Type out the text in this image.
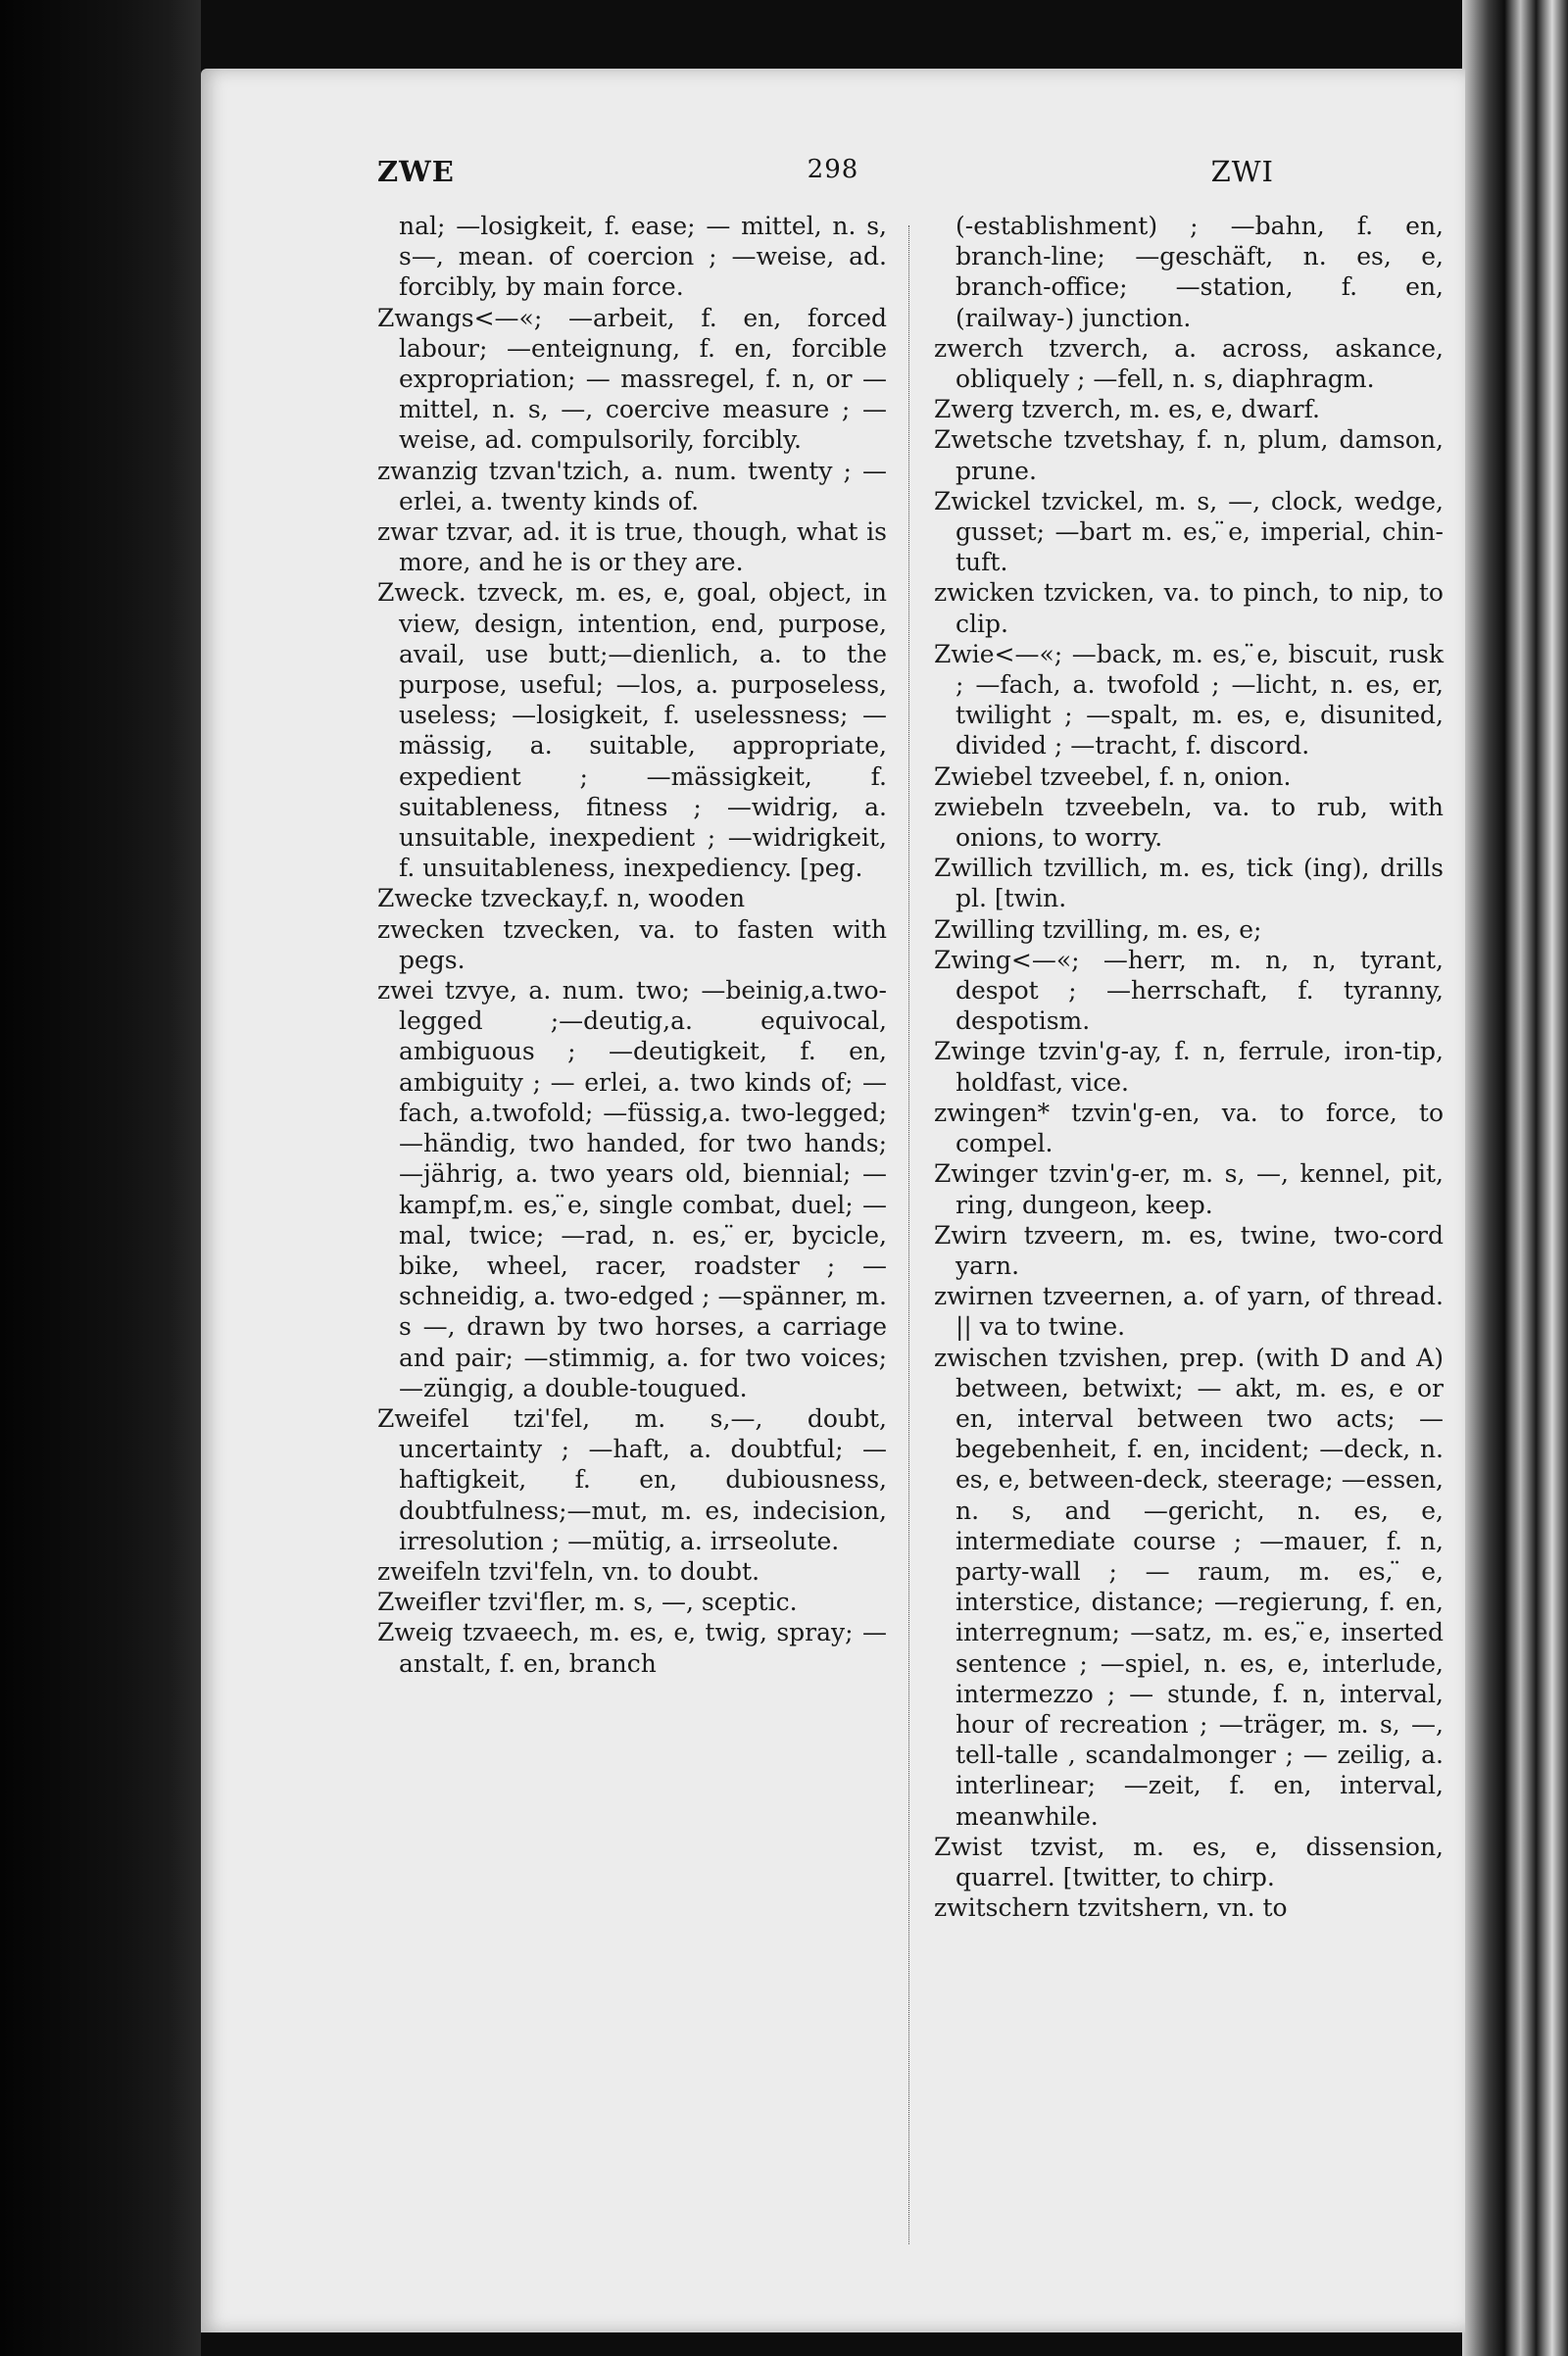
ZWE	298	ZWI

nal; —losigkeit, f. ease; — mittel, n. s, s—, mean. of coercion ; —weise, ad. forcibly, by main force.

Zwangs<—«; —arbeit, f. en, forced labour; —enteignung, f. en, forcible expropriation; — massregel, f. n, or —mittel, n. s, —, coercive measure ; — weise, ad. compulsorily, forcibly.

zwanzig tzvan'tzich, a. num. twenty ; —erlei, a. twenty kinds of.

zwar tzvar, ad. it is true, though, what is more, and he is or they are.

Zweck. tzveck, m. es, e, goal, object, in view, design, intention, end, purpose, avail, use butt;—dienlich, a. to the purpose, useful; —los, a. purposeless, useless; —losigkeit, f. uselessness; —mässig, a. suitable, appropriate, expedient ; —mässigkeit, f. suitableness, fitness ; —widrig, a. unsuitable, inexpedient ; —widrigkeit, f. unsuitableness, inexpediency. [peg.

Zwecke tzveckay,f. n, wooden

zwecken tzvecken, va. to fasten with pegs.

zwei tzvye, a. num. two; —beinig,a.two-legged ;—deutig,a. equivocal, ambiguous ; —deutigkeit, f. en, ambiguity ; — erlei, a. two kinds of; —fach, a.twofold; —füssig,a. two-legged;—händig, two handed, for two hands; —jährig, a. two years old, biennial; —kampf,m. es, ̈e, single combat, duel; — mal, twice; —rad, n. es, ̈er, bycicle, bike, wheel, racer, roadster ; —schneidig, a. two-edged ; —spänner, m. s —, drawn by two horses, a carriage and pair; —stimmig, a. for two voices;—züngig, a double-tougued.

Zweifel tzi'fel, m. s,—, doubt, uncertainty ; —haft, a. doubtful; —haftigkeit, f. en, dubiousness, doubtfulness;—mut, m. es, indecision, irresolution ; —mütig, a. irrseolute.

zweifeln tzvi'feln, vn. to doubt.

Zweifler tzvi'fler, m. s, —, sceptic.

Zweig tzvaeech, m. es, e, twig, spray; —anstalt, f. en, branch

(-establishment) ; —bahn, f. en, branch-line; —geschäft, n. es, e, branch-office; —station, f. en, (railway-) junction.

zwerch tzverch, a. across, askance, obliquely ; —fell, n. s, diaphragm.

Zwerg tzverch, m. es, e, dwarf.

Zwetsche tzvetshay, f. n, plum, damson, prune.

Zwickel tzvickel, m. s, —, clock, wedge, gusset; —bart m. es, ̈e, imperial, chin-tuft.

zwicken tzvicken, va. to pinch, to nip, to clip.

Zwie<—«; —back, m. es, ̈e, biscuit, rusk ; —fach, a. twofold ; —licht, n. es, er, twilight ; —spalt, m. es, e, disunited, divided ; —tracht, f. discord.

Zwiebel tzveebel, f. n, onion.

zwiebeln tzveebeln, va. to rub, with onions, to worry.

Zwillich tzvillich, m. es, tick (ing), drills pl. [twin.

Zwilling tzvilling, m. es, e;

Zwing<—«; —herr, m. n, n, tyrant, despot ; —herrschaft, f. tyranny, despotism.

Zwinge tzvin'g-ay, f. n, ferrule, iron-tip, holdfast, vice.

zwingen* tzvin'g-en, va. to force, to compel.

Zwinger tzvin'g-er, m. s, —, kennel, pit, ring, dungeon, keep.

Zwirn tzveern, m. es, twine, two-cord yarn.

zwirnen tzveernen, a. of yarn, of thread. || va to twine.

zwischen tzvishen, prep. (with D and A) between, betwixt; — akt, m. es, e or en, interval between two acts; —begebenheit, f. en, incident; —deck, n. es, e, between-deck, steerage; —essen, n. s, and —gericht, n. es, e, intermediate course ; —mauer, f. n, party-wall ; — raum, m. es, ̈e, interstice, distance; —regierung, f. en, interregnum; —satz, m. es, ̈e, inserted sentence ; —spiel, n. es, e, interlude, intermezzo ; — stunde, f. n, interval, hour of recreation ; —träger, m. s, —, tell-talle , scandalmonger ; — zeilig, a. interlinear; —zeit, f. en, interval, meanwhile.

Zwist tzvist, m. es, e, dissension, quarrel. [twitter, to chirp.

zwitschern tzvitshern, vn. to
